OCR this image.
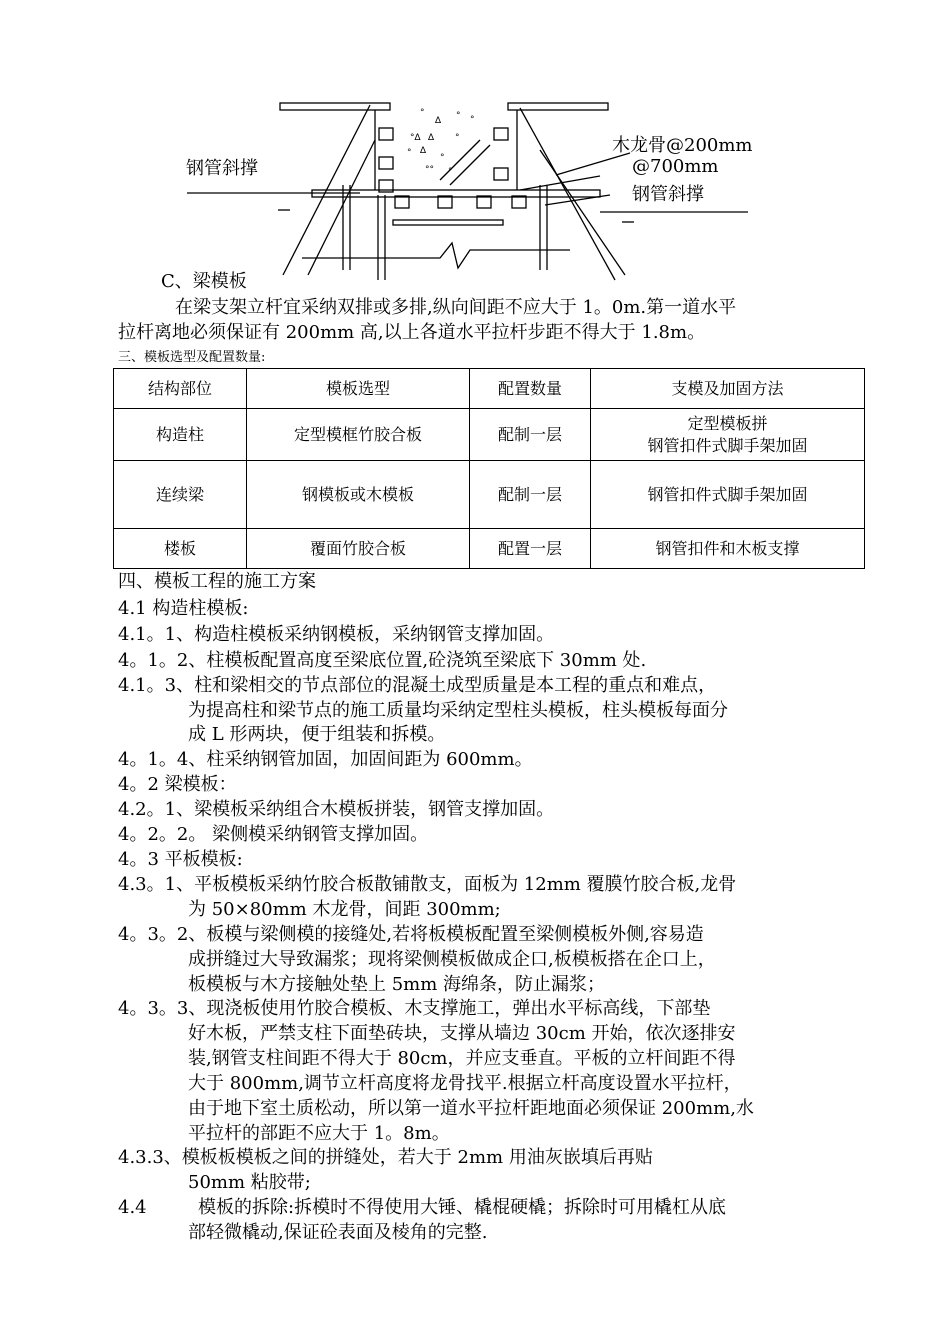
°
∆ ° °
°∆ ∆ °
° ∆
°
°° °
钢管斜撑
木龙骨@200mm
@700mm
钢管斜撑
C、梁模板
在梁支架立杆宜采纳双排或多排,纵向间距不应大于 1。0m.第一道水平
拉杆离地必须保证有 200mm 高,以上各道水平拉杆步距不得大于 1.8m。
三、模板选型及配置数量:
结构部位	模板选型	配置数量	支模及加固方法
构造柱	定型模框竹胶合板	配制一层	定型模板拼
钢管扣件式脚手架加固

连续梁	钢模板或木模板	配制一层	钢管扣件式脚手架加固
楼板	覆面竹胶合板	配置一层	钢管扣件和木板支撑
四、模板工程的施工方案
4.1 构造柱模板:
4.1。1、构造柱模板采纳钢模板，采纳钢管支撑加固。
4。1。2、柱模板配置高度至梁底位置,砼浇筑至梁底下 30mm 处.
4.1。3、柱和梁相交的节点部位的混凝土成型质量是本工程的重点和难点，
为提高柱和梁节点的施工质量均采纳定型柱头模板，柱头模板每面分
成 L 形两块，便于组装和拆模。
4。1。4、柱采纳钢管加固，加固间距为 600mm。
4。2 梁模板：
4.2。1、梁模板采纳组合木模板拼装，钢管支撑加固。
4。2。2。 梁侧模采纳钢管支撑加固。
4。3 平板模板:
4.3。1、平板模板采纳竹胶合板散铺散支，面板为 12mm 覆膜竹胶合板,龙骨
为 50×80mm 木龙骨，间距 300mm;
4。3。2、板模与梁侧模的接缝处,若将板模板配置至梁侧模板外侧,容易造
成拼缝过大导致漏浆；现将梁侧模板做成企口,板模板搭在企口上，
板模板与木方接触处垫上 5mm 海绵条，防止漏浆；
4。3。3、现浇板使用竹胶合模板、木支撑施工，弹出水平标高线，下部垫
好木板，严禁支柱下面垫砖块，支撑从墙边 30cm 开始，依次逐排安
装,钢管支柱间距不得大于 80cm，并应支垂直。平板的立杆间距不得
大于 800mm,调节立杆高度将龙骨找平.根据立杆高度设置水平拉杆，
由于地下室土质松动，所以第一道水平拉杆距地面必须保证 200mm,水
平拉杆的部距不应大于 1。8m。
4.3.3、模板板模板之间的拼缝处，若大于 2mm 用油灰嵌填后再贴
50mm 粘胶带;
4.4	模板的拆除:拆模时不得使用大锤、橇棍硬橇；拆除时可用橇杠从底
部轻微橇动,保证砼表面及棱角的完整.
